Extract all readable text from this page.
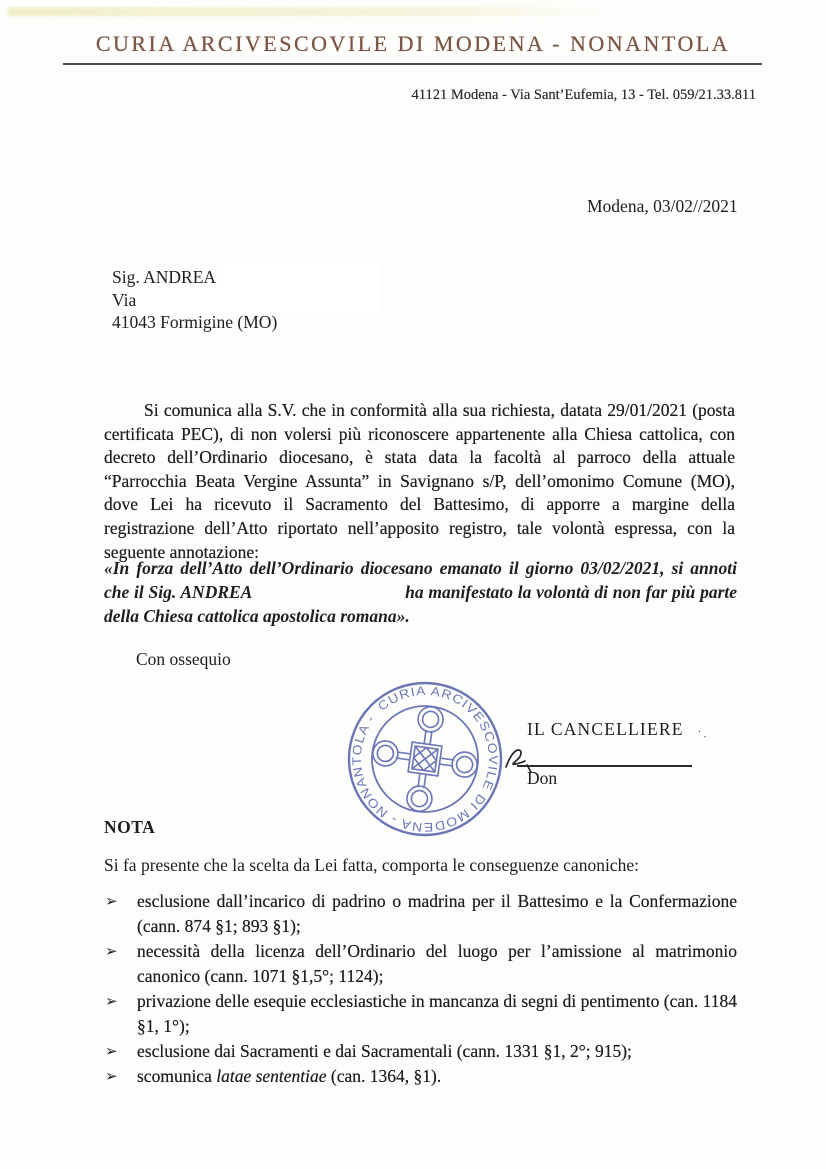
CURIA ARCIVESCOVILE DI MODENA - NONANTOLA
41121 Modena - Via Sant’Eufemia, 13 - Tel. 059/21.33.811
Modena, 03/02//2021
Sig. ANDREA
Via
41043 Formigine (MO)
Si comunica alla S.V. che in conformità alla sua richiesta, datata 29/01/2021 (posta certificata PEC), di non volersi più riconoscere appartenente alla Chiesa cattolica, con decreto dell’Ordinario diocesano, è stata data la facoltà al parroco della attuale “Parrocchia Beata Vergine Assunta” in Savignano s/P, dell’omonimo Comune (MO), dove Lei ha ricevuto il Sacramento del Battesimo, di apporre a margine della registrazione dell’Atto riportato nell’apposito registro, tale volontà espressa, con la seguente annotazione:
«In forza dell’Atto dell’Ordinario diocesano emanato il giorno 03/02/2021, si annoti che il Sig. ANDREA	ha manifestato la volontà di non far più parte della Chiesa cattolica apostolica romana».
Con ossequio
CURIA ARCIVESCOVILE DI MODENA - NONANTOLA -
IL CANCELLIERE ·ˏ
Don
NOTA
Si fa presente che la scelta da Lei fatta, comporta le conseguenze canoniche:
➢ esclusione dall’incarico di padrino o madrina per il Battesimo e la Confermazione (cann. 874 §1; 893 §1);
➢ necessità della licenza dell’Ordinario del luogo per l’amissione al matrimonio canonico (cann. 1071 §1,5°; 1124);
➢ privazione delle esequie ecclesiastiche in mancanza di segni di pentimento (can. 1184 §1, 1°);
➢ esclusione dai Sacramenti e dai Sacramentali (cann. 1331 §1, 2°; 915);
➢ scomunica latae sententiae (can. 1364, §1).
